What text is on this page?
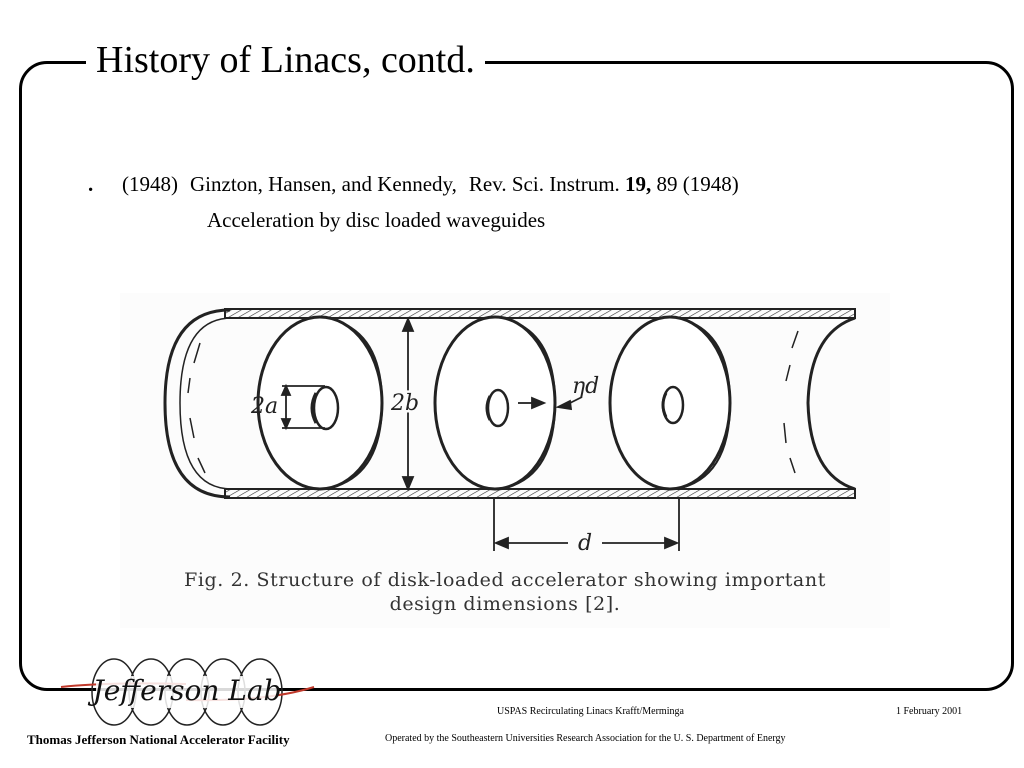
History of Linacs, contd.
. (1948) Ginzton, Hansen, and Kennedy, Rev. Sci. Instrum. 19, 89 (1948)
Acceleration by disc loaded waveguides
2a	2b
ηd
d
Fig. 2. Structure of disk-loaded accelerator showing important
design dimensions [2].
Jefferson Lab
Thomas Jefferson National Accelerator Facility
USPAS Recirculating Linacs Krafft/Merminga	1 February 2001
Operated by the Southeastern Universities Research Association for the U. S. Department of Energy
